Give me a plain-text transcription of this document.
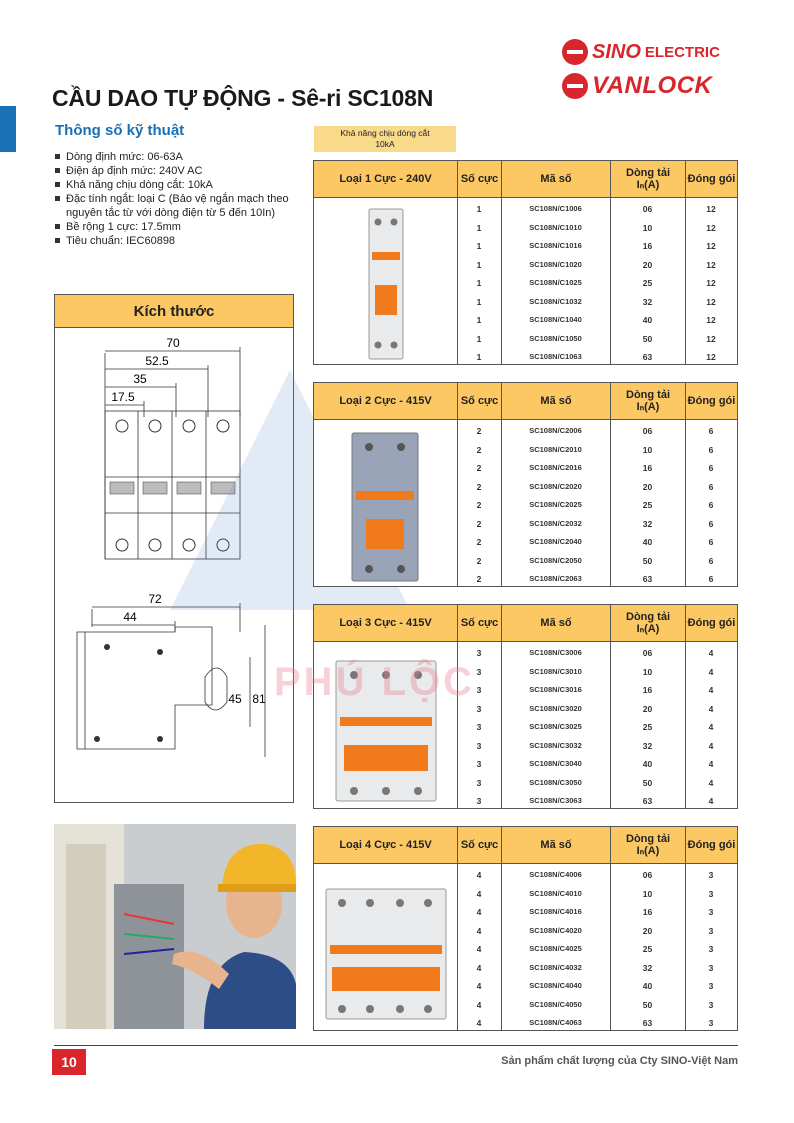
CẦU DAO TỰ ĐỘNG - Sê-ri SC108N
SINO ELECTRIC
VANLOCK
Thông số kỹ thuật
Dòng định mức: 06-63A
Điện áp định mức: 240V AC
Khả năng chịu dòng cắt: 10kA
Đặc tính ngắt: loại C (Bảo vệ ngắn mạch theo nguyên tắc từ với dòng điện từ 5 đến 10In)
Bề rộng 1 cực: 17.5mm
Tiêu chuẩn: IEC60898
Khả năng chịu dòng cắt
10kA
Kích thước
70
52.5
35
17.5
72
44
45 81
Loại 1 Cực - 240V	Số cực	Mã số	Dòng tải
Iₙ(A)	Đóng gói
1	SC108N/C1006	06	12
1	SC108N/C1010	10	12
1	SC108N/C1016	16	12
1	SC108N/C1020	20	12
1	SC108N/C1025	25	12
1	SC108N/C1032	32	12
1	SC108N/C1040	40	12
1	SC108N/C1050	50	12
1	SC108N/C1063	63	12
Loại 2 Cực - 415V	Số cực	Mã số	Dòng tải
Iₙ(A)	Đóng gói
2	SC108N/C2006	06	6
2	SC108N/C2010	10	6
2	SC108N/C2016	16	6
2	SC108N/C2020	20	6
2	SC108N/C2025	25	6
2	SC108N/C2032	32	6
2	SC108N/C2040	40	6
2	SC108N/C2050	50	6
2	SC108N/C2063	63	6
Loại 3 Cực - 415V	Số cực	Mã số	Dòng tải
Iₙ(A)	Đóng gói
3	SC108N/C3006	06	4
3	SC108N/C3010	10	4
3	SC108N/C3016	16	4
3	SC108N/C3020	20	4
3	SC108N/C3025	25	4
3	SC108N/C3032	32	4
3	SC108N/C3040	40	4
3	SC108N/C3050	50	4
3	SC108N/C3063	63	4
Loại 4 Cực - 415V	Số cực	Mã số	Dòng tải
Iₙ(A)	Đóng gói
4	SC108N/C4006	06	3
4	SC108N/C4010	10	3
4	SC108N/C4016	16	3
4	SC108N/C4020	20	3
4	SC108N/C4025	25	3
4	SC108N/C4032	32	3
4	SC108N/C4040	40	3
4	SC108N/C4050	50	3
4	SC108N/C4063	63	3
PHÚ LỘC
10	Sản phẩm chất lượng của Cty SINO-Việt Nam
